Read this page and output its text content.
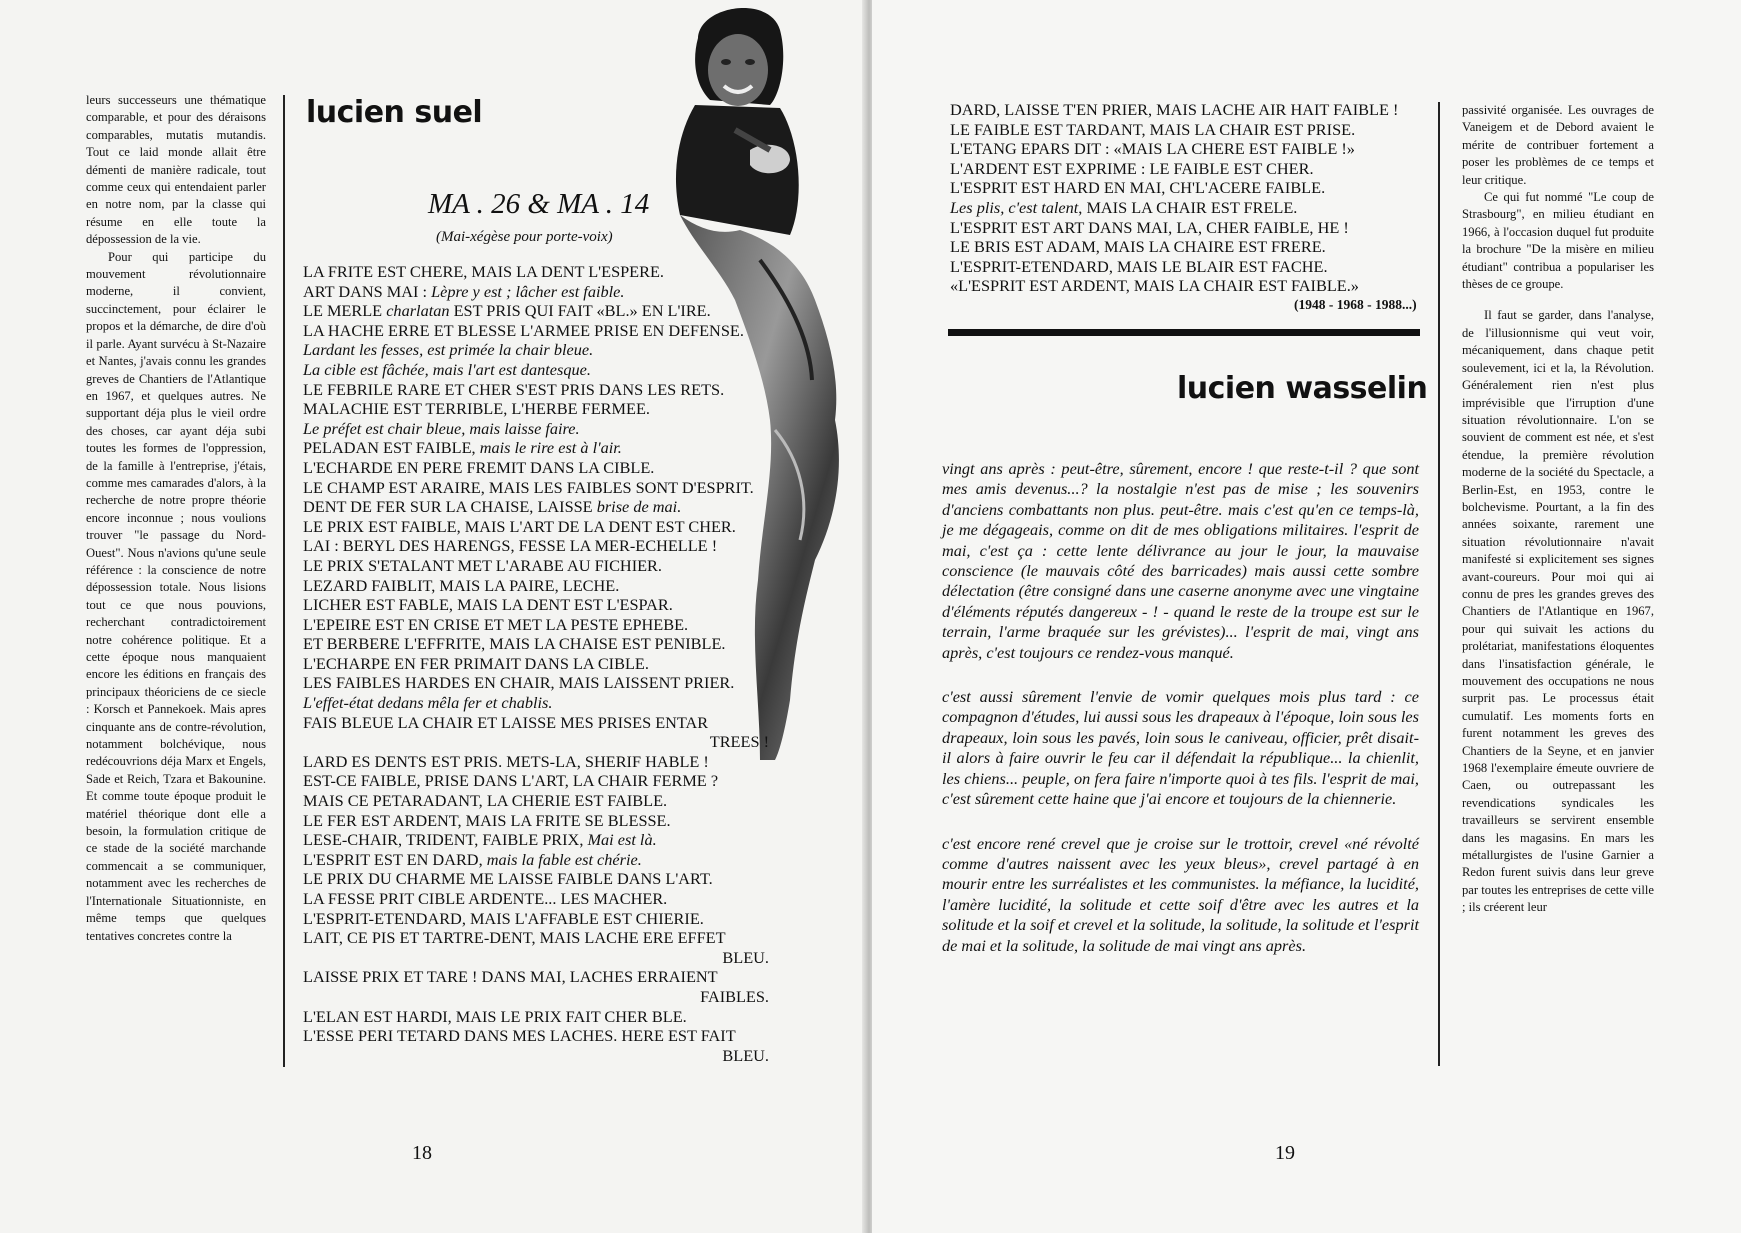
leurs successeurs une thématique comparable, et pour des déraisons comparables, mutatis mutandis. Tout ce laid monde allait être démenti de manière radicale, tout comme ceux qui entendaient parler en notre nom, par la classe qui résume en elle toute la dépossession de la vie.

Pour qui participe du mouvement révolutionnaire moderne, il convient, succinctement, pour éclairer le propos et la démarche, de dire d'où il parle. Ayant survécu à St-Nazaire et Nantes, j'avais connu les grandes greves de Chantiers de l'Atlantique en 1967, et quelques autres. Ne supportant déja plus le vieil ordre des choses, car ayant déja subi toutes les formes de l'oppression, de la famille à l'entreprise, j'étais, comme mes camarades d'alors, à la recherche de notre propre théorie encore inconnue ; nous voulions trouver "le passage du Nord-Ouest". Nous n'avions qu'une seule référence : la conscience de notre dépossession totale. Nous lisions tout ce que nous pouvions, recherchant contradictoirement notre cohérence politique. Et a cette époque nous manquaient encore les éditions en français des principaux théoriciens de ce siecle : Korsch et Pannekoek. Mais apres cinquante ans de contre-révolution, notamment bolchévique, nous redécouvrions déja Marx et Engels, Sade et Reich, Tzara et Bakounine. Et comme toute époque produit le matériel théorique dont elle a besoin, la formulation critique de ce stade de la société marchande commencait a se communiquer, notamment avec les recherches de l'Internationale Situationniste, en même temps que quelques tentatives concretes contre la

lucien suel
MA . 26 & MA . 14
(Mai-xégèse pour porte-voix)
LA FRITE EST CHERE, MAIS LA DENT L'ESPERE.
ART DANS MAI : Lèpre y est ; lâcher est faible.
LE MERLE charlatan EST PRIS QUI FAIT «BL.» EN L'IRE.
LA HACHE ERRE ET BLESSE L'ARMEE PRISE EN DEFENSE.
Lardant les fesses, est primée la chair bleue.
La cible est fâchée, mais l'art est dantesque.
LE FEBRILE RARE ET CHER S'EST PRIS DANS LES RETS.
MALACHIE EST TERRIBLE, L'HERBE FERMEE.
Le préfet est chair bleue, mais laisse faire.
PELADAN EST FAIBLE, mais le rire est à l'air.
L'ECHARDE EN PERE FREMIT DANS LA CIBLE.
LE CHAMP EST ARAIRE, MAIS LES FAIBLES SONT D'ESPRIT.
DENT DE FER SUR LA CHAISE, LAISSE brise de mai.
LE PRIX EST FAIBLE, MAIS L'ART DE LA DENT EST CHER.
LAI : BERYL DES HARENGS, FESSE LA MER-ECHELLE !
LE PRIX S'ETALANT MET L'ARABE AU FICHIER.
LEZARD FAIBLIT, MAIS LA PAIRE, LECHE.
LICHER EST FABLE, MAIS LA DENT EST L'ESPAR.
L'EPEIRE EST EN CRISE ET MET LA PESTE EPHEBE.
ET BERBERE L'EFFRITE, MAIS LA CHAISE EST PENIBLE.
L'ECHARPE EN FER PRIMAIT DANS LA CIBLE.
LES FAIBLES HARDES EN CHAIR, MAIS LAISSENT PRIER.
L'effet-état dedans mêla fer et chablis.
FAIS BLEUE LA CHAIR ET LAISSE MES PRISES ENTAR
TREES !
LARD ES DENTS EST PRIS. METS-LA, SHERIF HABLE !
EST-CE FAIBLE, PRISE DANS L'ART, LA CHAIR FERME ?
MAIS CE PETARADANT, LA CHERIE EST FAIBLE.
LE FER EST ARDENT, MAIS LA FRITE SE BLESSE.
LESE-CHAIR, TRIDENT, FAIBLE PRIX, Mai est là.
L'ESPRIT EST EN DARD, mais la fable est chérie.
LE PRIX DU CHARME ME LAISSE FAIBLE DANS L'ART.
LA FESSE PRIT CIBLE ARDENTE... LES MACHER.
L'ESPRIT-ETENDARD, MAIS L'AFFABLE EST CHIERIE.
LAIT, CE PIS ET TARTRE-DENT, MAIS LACHE ERE EFFET
BLEU.
LAISSE PRIX ET TARE ! DANS MAI, LACHES ERRAIENT
FAIBLES.
L'ELAN EST HARDI, MAIS LE PRIX FAIT CHER BLE.
L'ESSE PERI TETARD DANS MES LACHES. HERE EST FAIT
BLEU.
18
DARD, LAISSE T'EN PRIER, MAIS LACHE AIR HAIT FAIBLE !
LE FAIBLE EST TARDANT, MAIS LA CHAIR EST PRISE.
L'ETANG EPARS DIT : «MAIS LA CHERE EST FAIBLE !»
L'ARDENT EST EXPRIME : LE FAIBLE EST CHER.
L'ESPRIT EST HARD EN MAI, CH'L'ACERE FAIBLE.
Les plis, c'est talent, MAIS LA CHAIR EST FRELE.
L'ESPRIT EST ART DANS MAI, LA, CHER FAIBLE, HE !
LE BRIS EST ADAM, MAIS LA CHAIRE EST FRERE.
L'ESPRIT-ETENDARD, MAIS LE BLAIR EST FACHE.
«L'ESPRIT EST ARDENT, MAIS LA CHAIR EST FAIBLE.»
(1948 - 1968 - 1988...)
lucien wasselin

vingt ans après : peut-être, sûrement, encore ! que reste-t-il ? que sont mes amis devenus...? la nostalgie n'est pas de mise ; les souvenirs d'anciens combattants non plus. peut-être. mais c'est qu'en ce temps-là, je me dégageais, comme on dit de mes obligations militaires. l'esprit de mai, c'est ça : cette lente délivrance au jour le jour, la mauvaise conscience (le mauvais côté des barricades) mais aussi cette sombre délectation (être consigné dans une caserne anonyme avec une vingtaine d'éléments réputés dangereux - ! - quand le reste de la troupe est sur le terrain, l'arme braquée sur les grévistes)... l'esprit de mai, vingt ans après, c'est toujours ce rendez-vous manqué.

c'est aussi sûrement l'envie de vomir quelques mois plus tard : ce compagnon d'études, lui aussi sous les drapeaux à l'époque, loin sous les drapeaux, loin sous les pavés, loin sous le caniveau, officier, prêt disait-il alors à faire ouvrir le feu car il défendait la république... la chienlit, les chiens... peuple, on fera faire n'importe quoi à tes fils. l'esprit de mai, c'est sûrement cette haine que j'ai encore et toujours de la chiennerie.

c'est encore rené crevel que je croise sur le trottoir, crevel «né révolté comme d'autres naissent avec les yeux bleus», crevel partagé à en mourir entre les surréalistes et les communistes. la méfiance, la lucidité, l'amère lucidité, la solitude et cette soif d'être avec les autres et la solitude et la soif et crevel et la solitude, la solitude, la solitude et l'esprit de mai et la solitude, la solitude de mai vingt ans après.

passivité organisée. Les ouvrages de Vaneigem et de Debord avaient le mérite de contribuer fortement a poser les problèmes de ce temps et leur critique.

Ce qui fut nommé "Le coup de Strasbourg", en milieu étudiant en 1966, à l'occasion duquel fut produite la brochure "De la misère en milieu étudiant" contribua a populariser les thèses de ce groupe.

Il faut se garder, dans l'analyse, de l'illusionnisme qui veut voir, mécaniquement, dans chaque petit soulevement, ici et la, la Révolution. Généralement rien n'est plus imprévisible que l'irruption d'une situation révolutionnaire. L'on se souvient de comment est née, et s'est étendue, la première révolution moderne de la société du Spectacle, a Berlin-Est, en 1953, contre le bolchevisme. Pourtant, a la fin des années soixante, rarement une situation révolutionnaire n'avait manifesté si explicitement ses signes avant-coureurs. Pour moi qui ai connu de pres les grandes greves des Chantiers de l'Atlantique en 1967, pour qui suivait les actions du prolétariat, manifestations éloquentes dans l'insatisfaction générale, le mouvement des occupations ne nous surprit pas. Le processus était cumulatif. Les moments forts en furent notamment les greves des Chantiers de la Seyne, et en janvier 1968 l'exemplaire émeute ouvriere de Caen, ou outrepassant les revendications syndicales les travailleurs se servirent ensemble dans les magasins. En mars les métallurgistes de l'usine Garnier a Redon furent suivis dans leur greve par toutes les entreprises de cette ville ; ils créerent leur

19
